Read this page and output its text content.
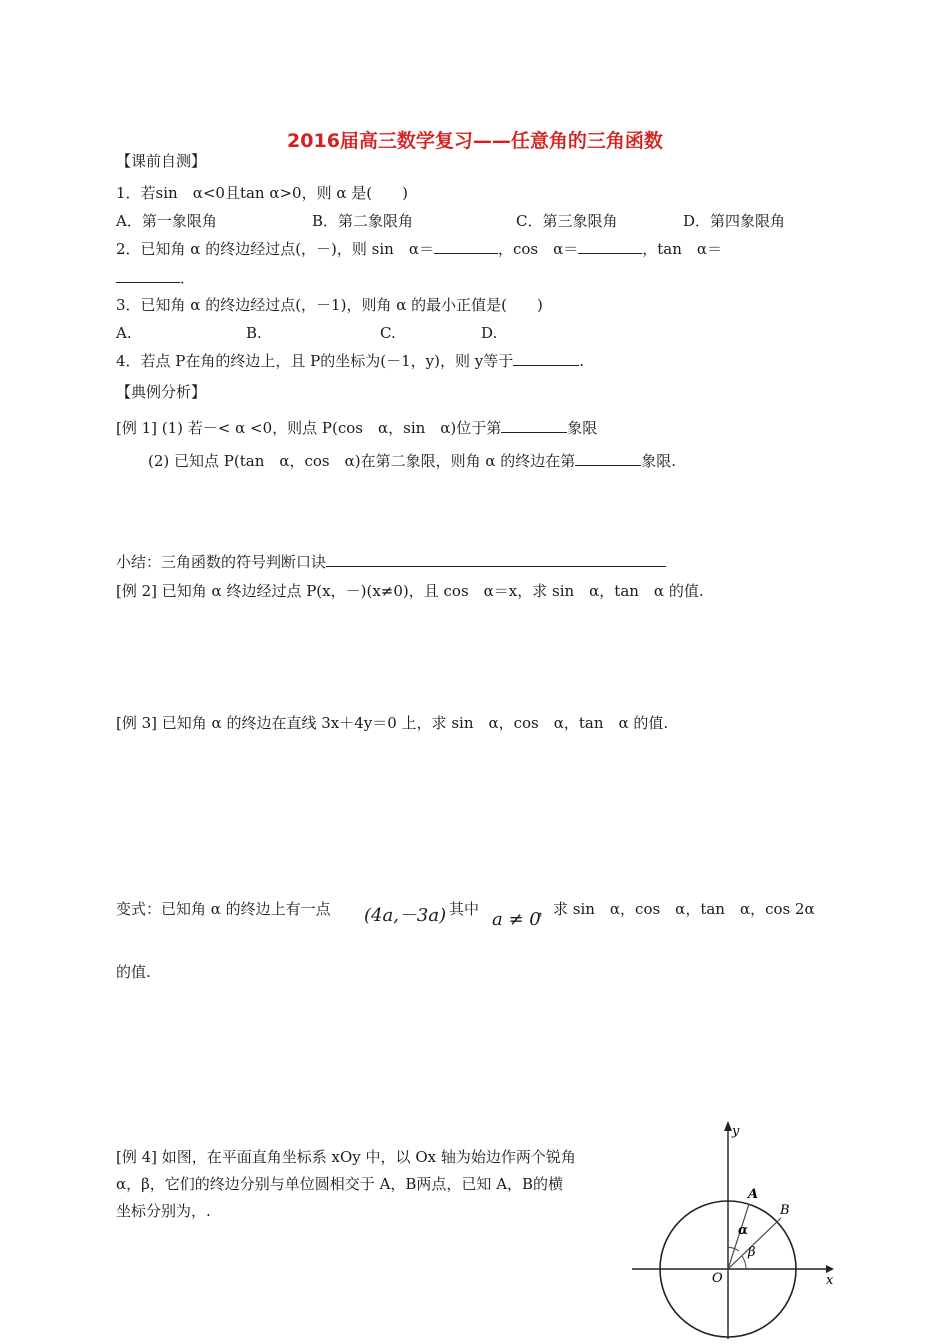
2016届高三数学复习——任意角的三角函数
【课前自测】
1．若sin　α<0且tan α>0，则 α 是(　　)
A．第一象限角	B．第二象限角	C．第三象限角	D．第四象限角
2．已知角 α 的终边经过点(，－)，则 sin　α＝	，cos　α＝	，tan　α＝
．
3．已知角 α 的终边经过点(，－1)，则角 α 的最小正值是(　　)
A.	B.	C.	D.
4．若点 P在角的终边上，且 P的坐标为(－1，y)，则 y等于	.
【典例分析】
[例 1] (1) 若－< α <0，则点 P(cos　α，sin　α)位于第	象限
(2) 已知点 P(tan　α，cos　α)在第二象限，则角 α 的终边在第	象限.
小结：三角函数的符号判断口诀
[例 2] 已知角 α 终边经过点 P(x，－)(x≠0)，且 cos　α＝x，求 sin　α，tan　α 的值.
[例 3] 已知角 α 的终边在直线 3x＋4y＝0 上，求 sin　α，cos　α，tan　α 的值.
变式：已知角 α 的终边上有一点 (4a,－3a)
，其中 a ≠ 0
，求 sin　α，cos　α，tan　α，cos 2α
的值.
[例 4] 如图，在平面直角坐标系 xOy 中，以 Ox 轴为始边作两个锐角
α，β，它们的终边分别与单位圆相交于 A，B两点，已知 A，B的横
坐标分别为，.
y
x
O
A
B
α
β
